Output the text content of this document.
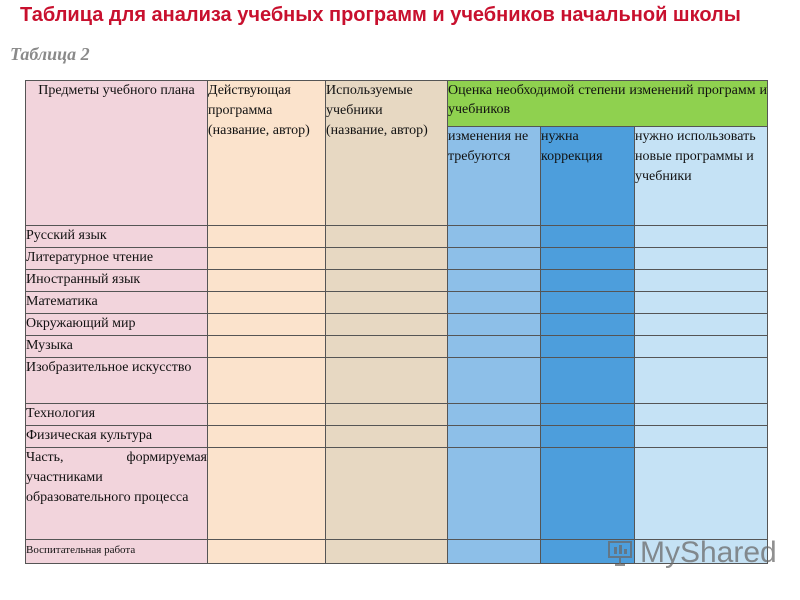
Таблица для анализа учебных программ и учебников начальной школы
Таблица 2
Предметы учебного плана	Действующая программа (название, автор)	Используемые учебники (название, автор)	Оценка необходимой степени изменений программ и учебников		
			изменения не требуются	нужна коррекция	нужно использовать новые программы и учебники
Русский язык					
Литературное чтение					
Иностранный язык					
Математика					
Окружающий мир					
Музыка					
Изобразительное искусство					
Технология					
Физическая культура					
Часть, формируемая участниками образовательного процесса					
Воспитательная работа						MyShared
